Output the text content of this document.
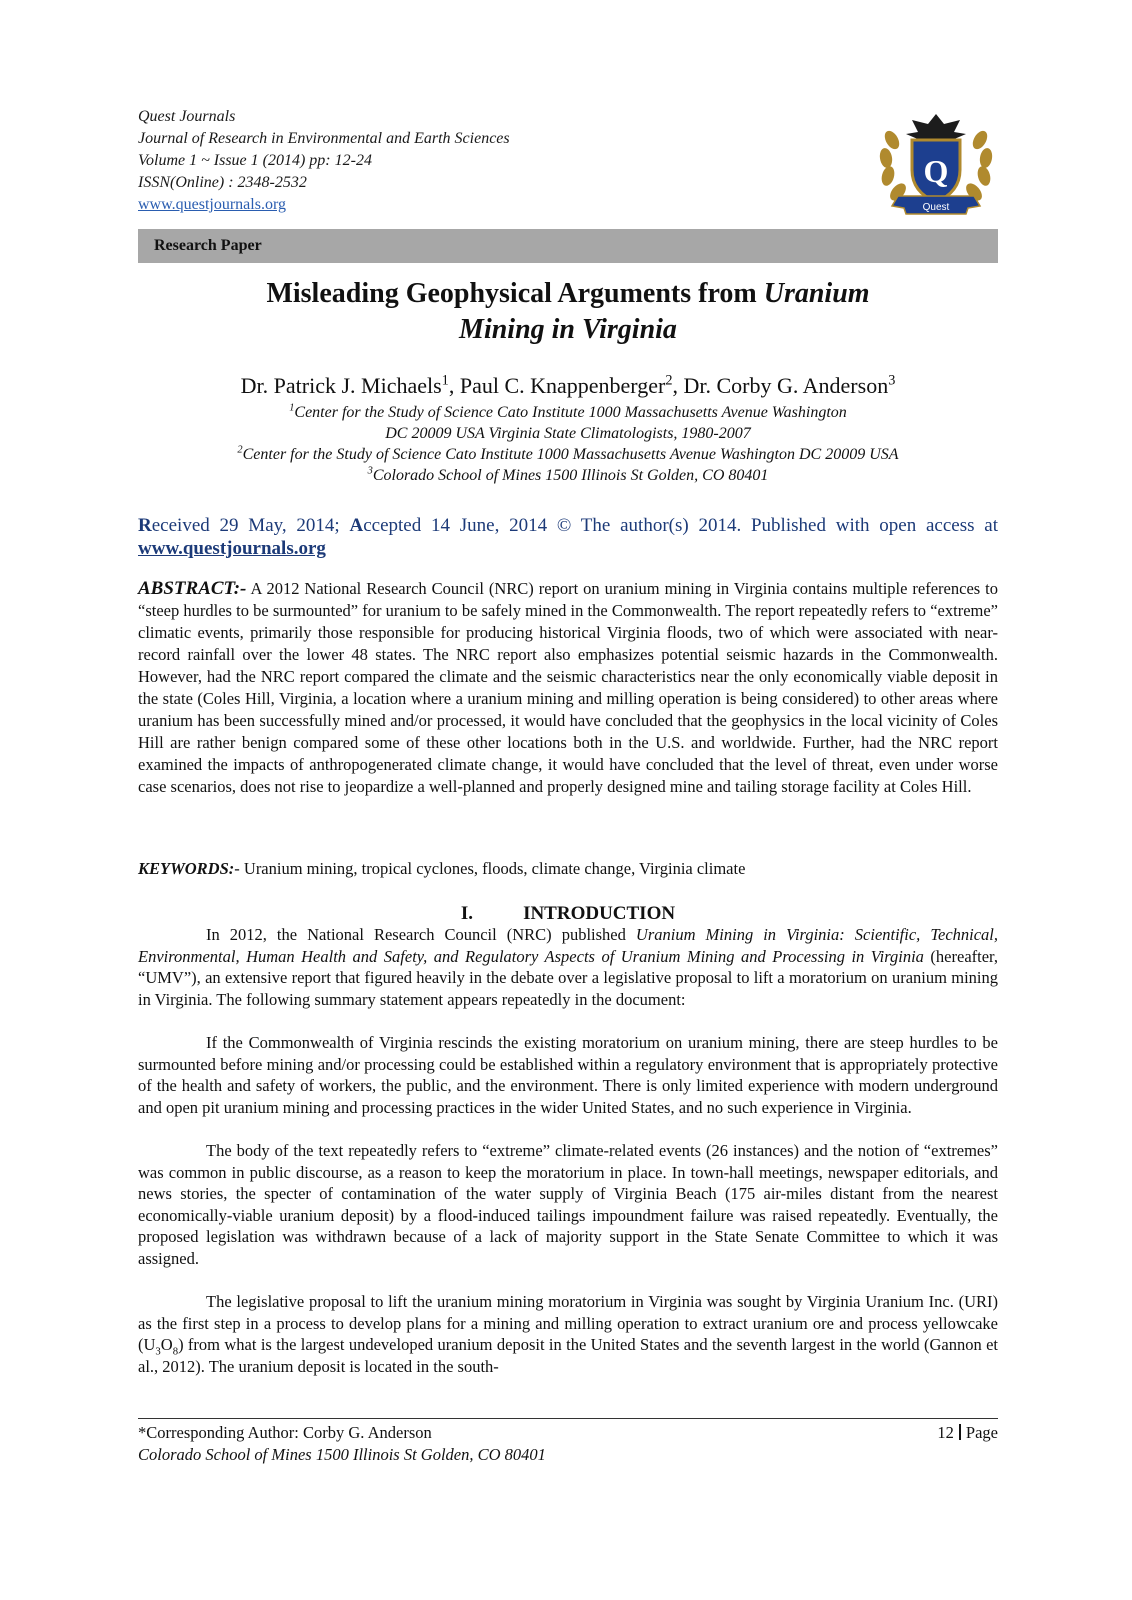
Quest Journals
Journal of Research in Environmental and Earth Sciences
Volume 1 ~ Issue 1 (2014) pp: 12-24
ISSN(Online) : 2348-2532
www.questjournals.org
Q
Quest
Research Paper
Misleading Geophysical Arguments from Uranium
Mining in Virginia
Dr. Patrick J. Michaels$^1$, Paul C. Knappenberger$^2$, Dr. Corby G. Anderson$^3$
$^1$Center for the Study of Science Cato Institute 1000 Massachusetts Avenue Washington
DC 20009 USA Virginia State Climatologists, 1980-2007
$^2$Center for the Study of Science Cato Institute 1000 Massachusetts Avenue Washington DC 20009 USA
$^3$Colorado School of Mines 1500 Illinois St Golden, CO 80401
Received 29 May, 2014; Accepted 14 June, 2014 © The author(s) 2014. Published with open access at www.questjournals.org
ABSTRACT:- A 2012 National Research Council (NRC) report on uranium mining in Virginia contains multiple references to “steep hurdles to be surmounted” for uranium to be safely mined in the Commonwealth. The report repeatedly refers to “extreme” climatic events, primarily those responsible for producing historical Virginia floods, two of which were associated with near-record rainfall over the lower 48 states. The NRC report also emphasizes potential seismic hazards in the Commonwealth. However, had the NRC report compared the climate and the seismic characteristics near the only economically viable deposit in the state (Coles Hill, Virginia, a location where a uranium mining and milling operation is being considered) to other areas where uranium has been successfully mined and/or processed, it would have concluded that the geophysics in the local vicinity of Coles Hill are rather benign compared some of these other locations both in the U.S. and worldwide. Further, had the NRC report examined the impacts of anthropogenerated climate change, it would have concluded that the level of threat, even under worse case scenarios, does not rise to jeopardize a well-planned and properly designed mine and tailing storage facility at Coles Hill.
KEYWORDS:- Uranium mining, tropical cyclones, floods, climate change, Virginia climate
I.	INTRODUCTION

In 2012, the National Research Council (NRC) published Uranium Mining in Virginia: Scientific, Technical, Environmental, Human Health and Safety, and Regulatory Aspects of Uranium Mining and Processing in Virginia (hereafter, “UMV”), an extensive report that figured heavily in the debate over a legislative proposal to lift a moratorium on uranium mining in Virginia. The following summary statement appears repeatedly in the document:

If the Commonwealth of Virginia rescinds the existing moratorium on uranium mining, there are steep hurdles to be surmounted before mining and/or processing could be established within a regulatory environment that is appropriately protective of the health and safety of workers, the public, and the environment. There is only limited experience with modern underground and open pit uranium mining and processing practices in the wider United States, and no such experience in Virginia.

The body of the text repeatedly refers to “extreme” climate-related events (26 instances) and the notion of “extremes” was common in public discourse, as a reason to keep the moratorium in place. In town-hall meetings, newspaper editorials, and news stories, the specter of contamination of the water supply of Virginia Beach (175 air-miles distant from the nearest economically-viable uranium deposit) by a flood-induced tailings impoundment failure was raised repeatedly. Eventually, the proposed legislation was withdrawn because of a lack of majority support in the State Senate Committee to which it was assigned.

The legislative proposal to lift the uranium mining moratorium in Virginia was sought by Virginia Uranium Inc. (URI) as the first step in a process to develop plans for a mining and milling operation to extract uranium ore and process yellowcake $(U_3O_8)$ from what is the largest undeveloped uranium deposit in the United States and the seventh largest in the world (Gannon et al., 2012). The uranium deposit is located in the south-

*Corresponding Author: Corby G. Anderson
Colorado School of Mines 1500 Illinois St Golden, CO 80401
12 Page
